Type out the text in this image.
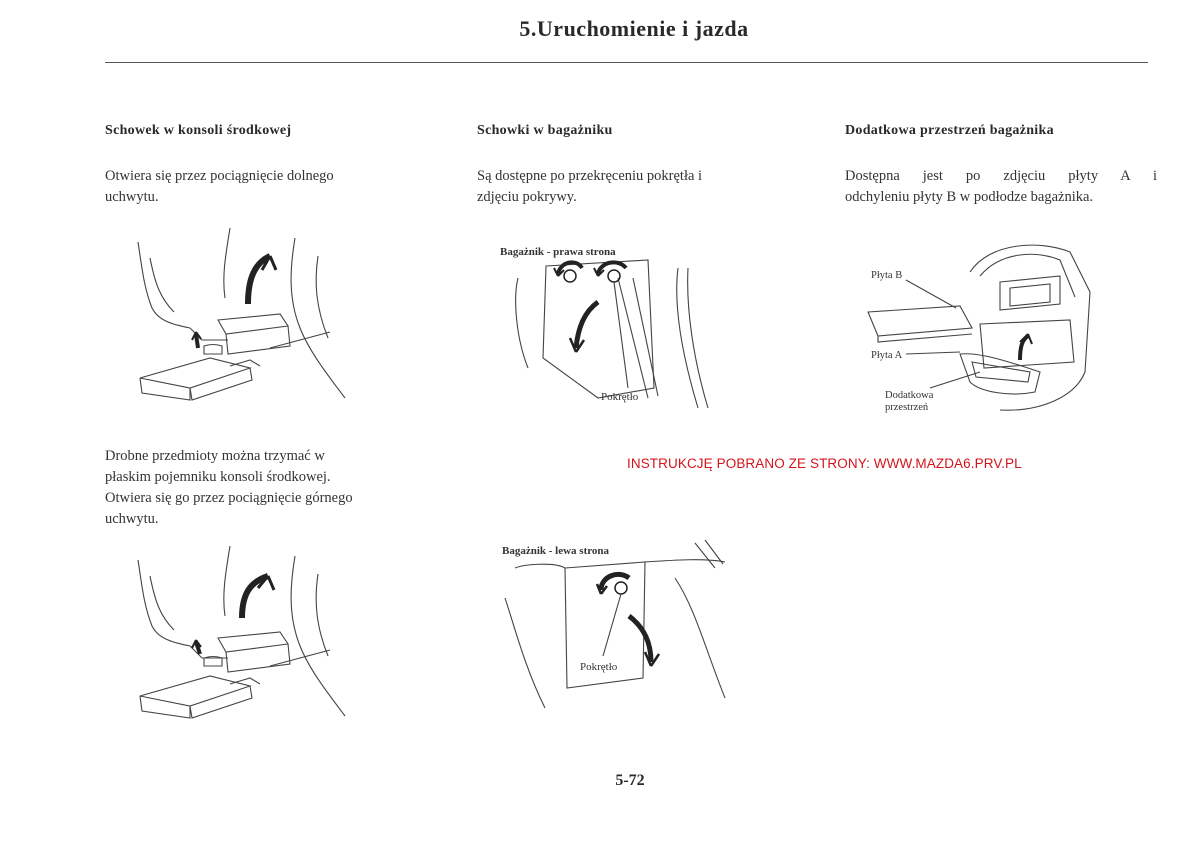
5.Uruchomienie i jazda
Schowek w konsoli środkowej
Otwiera się przez pociągnięcie dolnego
uchwytu.
Drobne przedmioty można trzymać w
płaskim pojemniku konsoli środkowej.
Otwiera się go przez pociągnięcie górnego
uchwytu.
Schowki w bagażniku
Są dostępne po przekręceniu pokrętła i
zdjęciu pokrywy.
Bagażnik - prawa strona
Pokrętło
Bagażnik - lewa strona
Pokrętło
Dodatkowa przestrzeń bagażnika
Dostępna jest po zdjęciu płyty A i
odchyleniu płyty B w podłodze bagażnika.
Płyta B
Płyta A
Dodatkowa
przestrzeń
INSTRUKCJĘ POBRANO ZE STRONY: WWW.MAZDA6.PRV.PL
5-72
